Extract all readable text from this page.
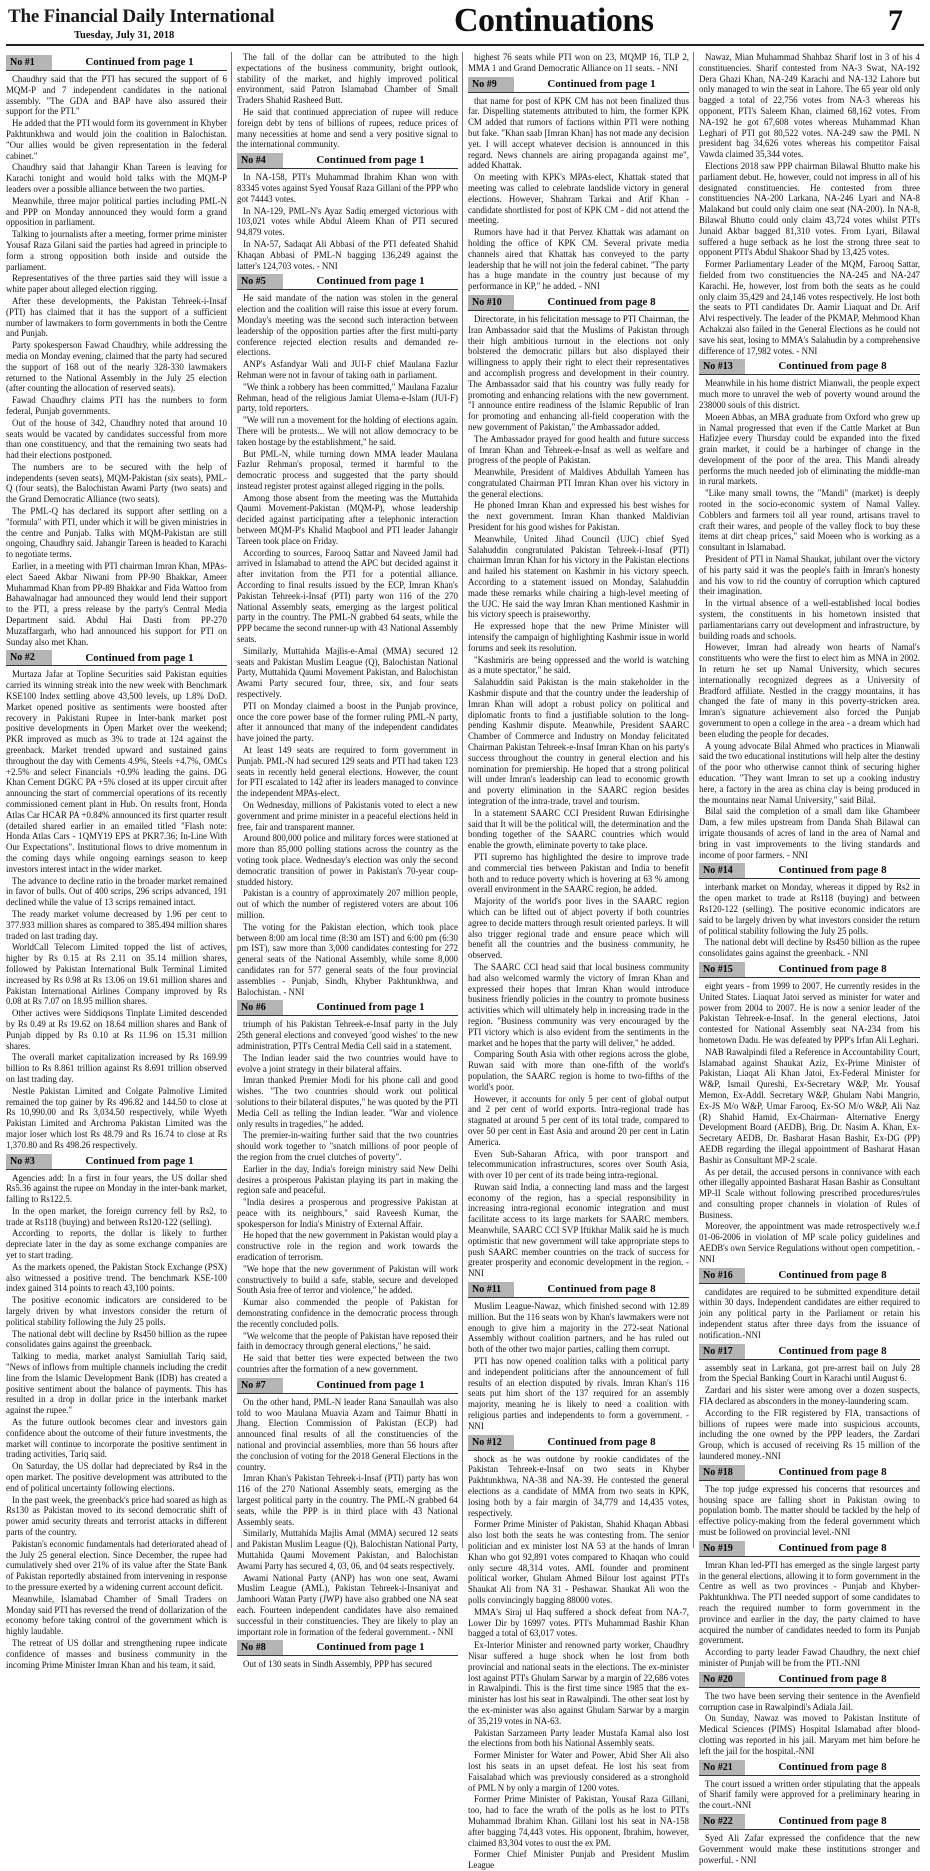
The Financial Daily International
Tuesday, July 31, 2018	Continuations	7
No #1	Continued from page 1

Chaudhry said that the PTI has secured the support of 6 MQM-P and 7 independent candidates in the national assembly. "The GDA and BAP have also assured their support for the PTI."

He added that the PTI would form its government in Khyber Pakhtunkhwa and would join the coalition in Balochistan. "Our allies would be given representation in the federal cabinet."

Chaudhry said that Jahangir Khan Tareen is leaving for Karachi tonight and would hold talks with the MQM-P leaders over a possible alliance between the two parties.

Meanwhile, three major political parties including PML-N and PPP on Monday announced they would form a grand opposition in parliament.

Talking to journalists after a meeting, former prime minister Yousaf Raza Gilani said the parties had agreed in principle to form a strong opposition both inside and outside the parliament.

Representatives of the three parties said they will issue a white paper about alleged election rigging.

After these developments, the Pakistan Tehreek-i-Insaf (PTI) has claimed that it has the support of a sufficient number of lawmakers to form governments in both the Centre and Punjab.

Party spokesperson Fawad Chaudhry, while addressing the media on Monday evening, claimed that the party had secured the support of 168 out of the nearly 328-330 lawmakers returned to the National Assembly in the July 25 election (after counting the allocation of reserved seats).

Fawad Chaudhry claims PTI has the numbers to form federal, Punjab governments.

Out of the house of 342, Chaudhry noted that around 10 seats would be vacated by candidates successful from more than one constituency, and that the remaining two seats had had their elections postponed.

The numbers are to be secured with the help of independents (seven seats), MQM-Pakistan (six seats), PML-Q (four seats), the Balochistan Awami Party (two seats) and the Grand Democratic Alliance (two seats).

The PML-Q has declared its support after settling on a "formula" with PTI, under which it will be given ministries in the centre and Punjab. Talks with MQM-Pakistan are still ongoing, Chaudhry said. Jahangir Tareen is headed to Karachi to negotiate terms.

Earlier, in a meeting with PTI chairman Imran Khan, MPAs-elect Saeed Akbar Niwani from PP-90 Bhakkar, Ameer Muhammad Khan from PP-89 Bhakkar and Fida Wattoo from Bahawalnagar had announced they would lend their support to the PTI, a press release by the party's Central Media Department said. Abdul Hai Dasti from PP-270 Muzaffargarh, who had announced his support for PTI on Sunday also met Khan.

No #2	Continued from page 1

Murtaza Jafar at Topline Securities said Pakistan equities carried its winning streak into the new week with Benchmark KSE100 Index settling above 43,500 levels, up 1.8% DoD. Market opened positive as sentiments were boosted after recovery in Pakistani Rupee in Inter-bank market post positive developments in Open Market over the weekend; PKR improved as much as 3% to trade at 124 against the greenback. Market trended upward and sustained gains throughout the day with Cements 4.9%, Steels +4.7%, OMCs +2.5% and select Financials +0.9% leading the gains. DG Khan Cement DGKC PA +5% closed at its upper circuit after announcing the start of commercial operations of its recently commissioned cement plant in Hub. On results front, Honda Atlas Car HCAR PA +0.84% announced its first quarter result (detailed shared earlier in an emailed titled "Flash note: Honda Atlas Cars - 1QMY19 EPS at PKR7.36; In-Line With Our Expectations". Institutional flows to drive momentum in the coming days while ongoing earnings season to keep investors interest intact in the wider market.

The advance to decline ratio in the broader market remained in favor of bulls. Out of 400 scrips, 296 scrips advanced, 191 declined while the value of 13 scrips remained intact.

The ready market volume decreased by 1.96 per cent to 377.933 million shares as compared to 385.494 million shares traded on last trading day.

WorldCall Telecom Limited topped the list of actives, higher by Rs 0.15 at Rs 2.11 on 35.14 million shares, followed by Pakistan International Bulk Terminal Limited increased by Rs 0.98 at Rs 13.06 on 19.61 million shares and Pakistan International Airlines Company improved by Rs 0.08 at Rs 7.07 on 18.95 million shares.

Other actives were Siddiqsons Tinplate Limited descended by Rs 0.49 at Rs 19.62 on 18.64 million shares and Bank of Punjab dipped by Rs 0.10 at Rs 11.96 on 15.31 million shares.

The overall market capitalization increased by Rs 169.99 billion to Rs 8.861 trillion against Rs 8.691 trillion observed on last trading day.

Nestle Pakistan Limited and Colgate Palmolive Limited remained the top gainer by Rs 496.82 and 144.50 to close at Rs 10,990.00 and Rs 3,034.50 respectively, while Wyeth Pakistan Limited and Archroma Pakistan Limited was the major loser which lost Rs 48.79 and Rs 16.74 to close at Rs 1,370.80 and Rs 498.26 respectively.

No #3	Continued from page 1

Agencies add: In a first in four years, the US dollar shed Rs5.36 against the rupee on Monday in the inter-bank market, falling to Rs122.5.

In the open market, the foreign currency fell by Rs2, to trade at Rs118 (buying) and between Rs120-122 (selling).

According to reports, the dollar is likely to further depreciate later in the day as some exchange companies are yet to start trading.

As the markets opened, the Pakistan Stock Exchange (PSX) also witnessed a positive trend. The benchmark KSE-100 index gained 314 points to reach 43,100 points.

The positive economic indicators are considered to be largely driven by what investors consider the return of political stability following the July 25 polls.

The national debt will decline by Rs450 billion as the rupee consolidates gains against the greenback.

Talking to media, market analyst Samiullah Tariq said, "News of inflows from multiple channels including the credit line from the Islamic Development Bank (IDB) has created a positive sentiment about the balance of payments. This has resulted in a drop in dollar price in the interbank market against the rupee."

As the future outlook becomes clear and investors gain confidence about the outcome of their future investments, the market will continue to incorporate the positive sentiment in trading activities, Tariq said.

On Saturday, the US dollar had depreciated by Rs4 in the open market. The positive development was attributed to the end of political uncertainty following elections.

In the past week, the greenback's price had soared as high as Rs130 as Pakistan moved to its second democratic shift of power amid security threats and terrorist attacks in different parts of the country.

Pakistan's economic fundamentals had deteriorated ahead of the July 25 general election. Since December, the rupee had cumulatively shed over 21% of its value after the State Bank of Pakistan reportedly abstained from intervening in response to the pressure exerted by a widening current account deficit.

Meanwhile, Islamabad Chamber of Small Traders on Monday said PTI has reversed the trend of dollarization of the economy before taking control of the government which is highly laudable.

The retreat of US dollar and strengthening rupee indicate confidence of masses and business community in the incoming Prime Minister Imran Khan and his team, it said.

The fall of the dollar can be attributed to the high expectations of the business community, bright outlook, stability of the market, and highly improved political environment, said Patron Islamabad Chamber of Small Traders Shahid Rasheed Butt.

He said that continued appreciation of rupee will reduce foreign debt by tens of billions of rupees, reduce prices of many necessities at home and send a very positive signal to the international community.

No #4	Continued from page 1

In NA-158, PTI's Muhammad Ibrahim Khan won with 83345 votes against Syed Yousaf Raza Gillani of the PPP who got 74443 votes.

In NA-129, PML-N's Ayaz Sadiq emerged victorious with 103,021 votes while Abdul Aleem Khan of PTI secured 94,879 votes.

In NA-57, Sadaqat Ali Abbasi of the PTI defeated Shahid Khaqan Abbasi of PML-N bagging 136,249 against the latter's 124,703 votes. - NNI

No #5	Continued from page 1

He said mandate of the nation was stolen in the general election and the coalition will raise this issue at every forum. Monday's meeting was the second such interaction between leadership of the opposition parties after the first multi-party conference rejected election results and demanded re-elections.

ANP's Asfandyar Wali and JUI-F chief Maulana Fazlur Rehman were not in favour of taking oath in parliament.

"We think a robbery has been committed," Maulana Fazalur Rehman, head of the religious Jamiat Ulema-e-Islam (JUI-F) party, told reporters.

"We will run a movement for the holding of elections again. There will be protests... We will not allow democracy to be taken hostage by the establishment," he said.

But PML-N, while turning down MMA leader Maulana Fazlur Rehman's proposal, termed it harmful to the democratic process and suggested that the party should instead register protest against alleged rigging in the polls.

Among those absent from the meeting was the Muttahida Qaumi Movement-Pakistan (MQM-P), whose leadership decided against participating after a telephonic interaction between MQM-P's Khalid Maqbool and PTI leader Jahangir Tareen took place on Friday.

According to sources, Farooq Sattar and Naveed Jamil had arrived in Islamabad to attend the APC but decided against it after invitation from the PTI for a potential alliance. According to final results issued by the ECP, Imran Khan's Pakistan Tehreek-i-Insaf (PTI) party won 116 of the 270 National Assembly seats, emerging as the largest political party in the country. The PML-N grabbed 64 seats, while the PPP became the second runner-up with 43 National Assembly seats.

Similarly, Muttahida Majlis-e-Amal (MMA) secured 12 seats and Pakistan Muslim League (Q), Balochistan National Party, Muttahida Qaumi Movement Pakistan, and Balochistan Awami Party secured four, three, six, and four seats respectively.

PTI on Monday claimed a boost in the Punjab province, once the core power base of the former ruling PML-N party, after it announced that many of the independent candidates have joined the party.

At least 149 seats are required to form government in Punjab. PML-N had secured 129 seats and PTI had taken 123 seats in recently held general elections. However, the count for PTI escalated to 142 after its leaders managed to convince the independent MPAs-elect.

On Wednesday, millions of Pakistanis voted to elect a new government and prime minister in a peaceful elections held in free, fair and transparent manner.

Around 800,000 police and military forces were stationed at more than 85,000 polling stations across the country as the voting took place. Wednesday's election was only the second democratic transition of power in Pakistan's 70-year coup-studded history.

Pakistan is a country of approximately 207 million people, out of which the number of registered voters are about 106 million.

The voting for the Pakistan election, which took place between 8:00 am local time (8:30 am IST) and 6:00 pm (6:30 pm IST), saw more than 3,000 candidates contesting for 272 general seats of the National Assembly, while some 8,000 candidates ran for 577 general seats of the four provincial assemblies - Punjab, Sindh, Khyber Pakhtunkhwa, and Balochistan. - NNI

No #6	Continued from page 1

triumph of his Pakistan Tehreek-e-Insaf party in the July 25th general elections and conveyed 'good wishes' to the new administration, PTI's Central Media Cell said in a statement.

The Indian leader said the two countries would have to evolve a joint strategy in their bilateral affairs.

Imran thanked Premier Modi for his phone call and good wishes. "The two countries should work out political solutions to their bilateral disputes," he was quoted by the PTI Media Cell as telling the Indian leader. "War and violence only results in tragedies," he added.

The premier-in-waiting further said that the two countries should work together to "snatch millions of poor people of the region from the cruel clutches of poverty".

Earlier in the day, India's foreign ministry said New Delhi desires a prosperous Pakistan playing its part in making the region safe and peaceful.

"India desires a prosperous and progressive Pakistan at peace with its neighbours," said Raveesh Kumar, the spokesperson for India's Ministry of External Affair.

He hoped that the new government in Pakistan would play a constructive role in the region and work towards the eradication of terrorism.

"We hope that the new government of Pakistan will work constructively to build a safe, stable, secure and developed South Asia free of terror and violence," he added.

Kumar also commended the people of Pakistan for demonstrating confidence in the democratic process through the recently concluded polls.

"We welcome that the people of Pakistan have reposed their faith in democracy through general elections," he said.

He said that better ties were expected between the two countries after the formation of a new government.

No #7	Continued from page 1

On the other hand, PML-N leader Rana Sanaullah was also told to woo Maulana Muavia Azam and Taimur Bhatti in Jhang. Election Commission of Pakistan (ECP) had announced final results of all the constituencies of the national and provincial assemblies, more than 56 hours after the conclusion of voting for the 2018 General Elections in the country.

Imran Khan's Pakistan Tehreek-i-Insaf (PTI) party has won 116 of the 270 National Assembly seats, emerging as the largest political party in the country. The PML-N grabbed 64 seats, while the PPP is in third place with 43 National Assembly seats.

Similarly, Muttahida Majlis Amal (MMA) secured 12 seats and Pakistan Muslim League (Q), Balochistan National Party, Muttahida Qaumi Movement Pakistan, and Balochistan Awami Party has secured 4, 03, 06, and 04 seats respectively.

Awami National Party (ANP) has won one seat, Awami Muslim League (AML), Pakistan Tehreek-i-Insaniyat and Jamhoori Watan Party (JWP) have also grabbed one NA seat each. Fourteen independent candidates have also remained successful in their constituencies. They are likely to play an important role in formation of the federal government. - NNI

No #8	Continued from page 1

Out of 130 seats in Sindh Assembly, PPP has secured

highest 76 seats while PTI won on 23, MQMP 16, TLP 2, MMA 1 and Grand Democratic Alliance on 11 seats. - NNI

No #9	Continued from page 1

that name for post of KPK CM has not been finalized thus far. Dispelling statements attributed to him, the former KPK CM added that rumors of factions within PTI were nothing but fake. "Khan saab [Imran Khan] has not made any decision yet. I will accept whatever decision is announced in this regard. News channels are airing propaganda against me", added Khattak.

On meeting with KPK's MPAs-elect, Khattak stated that meeting was called to celebrate landslide victory in general elections. However, Shahram Tarkai and Atif Khan - candidate shortlisted for post of KPK CM - did not attend the meeting.

Rumors have had it that Pervez Khattak was adamant on holding the office of KPK CM. Several private media channels aired that Khattak has conveyed to the party leadership that he will not join the federal cabinet. "The party has a huge mandate in the country just because of my performance in KP," he added. - NNI

No #10	Continued from page 8

Directorate, in his felicitation message to PTI Chairman, the Iran Ambassador said that the Muslims of Pakistan through their high ambitious turnout in the elections not only bolstered the democratic pillars but also displayed their willingness to apply their right to elect their representatives and accomplish progress and development in their country. The Ambassador said that his country was fully ready for promoting and enhancing relations with the new government. "I announce entire readiness of the Islamic Republic of Iran for promoting and enhancing all-field cooperation with the new government of Pakistan," the Ambassador added.

The Ambassador prayed for good health and future success of Imran Khan and Tehreek-e-Insaf as well as welfare and progress of the people of Pakistan.

Meanwhile, President of Maldives Abdullah Yameen has congratulated Chairman PTI Imran Khan over his victory in the general elections.

He phoned Imran Khan and expressed his best wishes for the next government. Imran Khan thanked Maldivian President for his good wishes for Pakistan.

Meanwhile, United Jihad Council (UJC) chief Syed Salahuddin congratulated Pakistan Tehreek-i-Insaf (PTI) chairman Imran Khan for his victory in the Pakistan elections and hailed his statement on Kashmir in his victory speech. According to a statement issued on Monday, Salahuddin made these remarks while chairing a high-level meeting of the UJC. He said the way Imran Khan mentioned Kashmir in his victory speech is praiseworthy.

He expressed hope that the new Prime Minister will intensify the campaign of highlighting Kashmir issue in world forums and seek its resolution.

"Kashmiris are being oppressed and the world is watching as a mute spectator," he said.

Salahuddin said Pakistan is the main stakeholder in the Kashmir dispute and that the country under the leadership of Imran Khan will adopt a robust policy on political and diplomatic fronts to find a justifiable solution to the long-pending Kashmir dispute. Meanwhile, President SAARC Chamber of Commerce and Industry on Monday felicitated Chairman Pakistan Tehreek-e-Insaf Imran Khan on his party's success throughout the country in general election and his nomination for premiership. He hoped that a strong political will under Imran's leadership can lead to economic growth and poverty elimination in the SAARC region besides integration of the intra-trade, travel and tourism.

In a statement SAARC CCI President Ruwan Edirisinghe said that It will be the political will, the determination and the bonding together of the SAARC countries which would enable the growth, eliminate poverty to take place.

PTI supremo has highlighted the desire to improve trade and commercial ties between Pakistan and India to benefit both and to reduce poverty which is hovering at 63 % among overall environment in the SAARC region, he added.

Majority of the world's poor lives in the SAARC region which can be lifted out of abject poverty if both countries agree to decide matters through result oriented parleys. It will also trigger regional trade and ensure peace which will benefit all the countries and the business community, he observed.

The SAARC CCI head said that local business community had also welcomed warmly the victory of Imran Khan and expressed their hopes that Imran Khan would introduce business friendly policies in the country to promote business activities which will ultimately help in increasing trade in the region. "Business community was very encouraged by the PTI victory which is also evident from the sentiments in the market and he hopes that the party will deliver," he added.

Comparing South Asia with other regions across the globe, Ruwan said with more than one-fifth of the world's population, the SAARC region is home to two-fifths of the world's poor.

However, it accounts for only 5 per cent of global output and 2 per cent of world exports. Intra-regional trade has stagnated at around 5 per cent of its total trade, compared to over 50 per cent in East Asia and around 20 per cent in Latin America.

Even Sub-Saharan Africa, with poor transport and telecommunication infrastructures, scores over South Asia, with over 10 per cent of its trade being intra-regional.

Ruwan said India, a connecting land mass and the largest economy of the region, has a special responsibility in increasing intra-regional economic integration and must facilitate access to its large markets for SAARC members. Meanwhile, SAARC CCI SVP Iftikhar Malik said he is much optimistic that new government will take appropriate steps to push SAARC member countries on the track of success for greater prosperity and economic development in the region. - NNI

No #11	Continued from page 8

Muslim League-Nawaz, which finished second with 12.89 million. But the 116 seats won by Khan's lawmakers were not enough to give him a majority in the 272-seat National Assembly without coalition partners, and he has ruled out both of the other two major parties, calling them corrupt.

PTI has now opened coalition talks with a political party and independent politicians after the announcement of full results of an election disputed by rivals. Imran Khan's 116 seats put him short of the 137 required for an assembly majority, meaning he is likely to need a coalition with religious parties and independents to form a government. - NNI

No #12	Continued from page 8

shock as he was outdone by rookie candidates of the Pakistan Tehreek-e-Insaf on two seats in Khyber Pakhtunkhwa, NA-38 and NA-39. He contested the general elections as a candidate of MMA from two seats in KPK, losing both by a fair margin of 34,779 and 14,435 votes, respectively.

Former Prime Minister of Pakistan, Shahid Khaqan Abbasi also lost both the seats he was contesting from. The senior politician and ex minister lost NA 53 at the hands of Imran Khan who got 92,891 votes compared to Khaqan who could only secure 48,314 votes. AML founder and prominent political worker, Ghulam Ahmed Bilour lost against PTI's Shaukat Ali from NA 31 - Peshawar. Shaukat Ali won the polls convincingly bagging 88000 votes.

MMA's Siraj ul Haq suffered a shock defeat from NA-7, Lower Dir by 16997 votes. PTI's Muhammad Bashir Khan bagged a total of 63,017 votes.

Ex-Interior Minister and renowned party worker, Chaudhry Nisar suffered a huge shock when he lost from both provincial and national seats in the elections. The ex-minister lost against PTI's Ghulam Sarwar by a margin of 22,686 votes in Rawalpindi. This is the first time since 1985 that the ex-minister has lost his seat in Rawalpindi. The other seat lost by the ex-minister was also against Ghulam Sarwar by a margin of 35,219 votes in NA-63.

Pakistan Sarzameen Party leader Mustafa Kamal also lost the elections from both his National Assembly seats.

Former Minister for Water and Power, Abid Sher Ali also lost his seats in an upset defeat. He lost his seat from Faisalabad which was previously considered as a stronghold of PML N by only a margin of 1200 votes.

Former Prime Minister of Pakistan, Yousaf Raza Gillani, too, had to face the wrath of the polls as he lost to PTI's Muhammad Ibrahim Khan. Gillani lost his seat in NA-158 after bagging 74,443 votes. His opponent, Ibrahim, however, claimed 83,304 votes to oust the ex PM.

Former Chief Minister Punjab and President Muslim League

Nawaz, Mian Muhammad Shahbaz Sharif lost in 3 of his 4 constituencies. Sharif contested from NA-3 Swat, NA-192 Dera Ghazi Khan, NA-249 Karachi and NA-132 Lahore but only managed to win the seat in Lahore. The 65 year old only bagged a total of 22,756 votes from NA-3 whereas his opponent, PTI's Saleem Khan, claimed 68,162 votes. From NA-192 he got 67,608 votes whereas Muhammad Khan Leghari of PTI got 80,522 votes. NA-249 saw the PML N president bag 34,626 votes whereas his competitor Faisal Vawda claimed 35,344 votes.

Elections 2018 saw PPP chairman Bilawal Bhutto make his parliament debut. He, however, could not impress in all of his designated constituencies. He contested from three constituencies NA-200 Larkana, NA-246 Lyari and NA-8 Malakand but could only claim one seat (NA-200). In NA-8, Bilawal Bhutto could only claim 43,724 votes whilst PTI's Junaid Akbar bagged 81,310 votes. From Lyari, Bilawal suffered a huge setback as he lost the strong three seat to opponent PTI's Abdul Shakoor Shad by 13,425 votes.

Former Parliamentary Leader of the MQM, Farooq Sattar, fielded from two constituencies the NA-245 and NA-247 Karachi. He, however, lost from both the seats as he could only claim 35,429 and 24,146 votes respectively. He lost both the seats to PTI candidates Dr. Aamir Liaquat and Dr. Arif Alvi respectively. The leader of the PKMAP, Mehmood Khan Achakzai also failed in the General Elections as he could not save his seat, losing to MMA's Salahudin by a comprehensive difference of 17,982 votes. - NNI

No #13	Continued from page 8

Meanwhile in his home district Mianwali, the people expect much more to unravel the web of poverty wound around the 238000 souls of this district.

Moeen Abbas, an MBA graduate from Oxford who grew up in Namal progressed that even if the Cattle Market at Bun Hafizjee every Thursday could be expanded into the fixed grain market, it could be a harbinger of change in the development of the poor of the area. This Mandi already performs the much needed job of eliminating the middle-man in rural markets.

"Like many small towns, the "Mandi" (market) is deeply rooted in the socio-economic system of Namal Valley. Cobblers and farmers toil all year round, artisans travel to craft their wares, and people of the valley flock to buy these items at dirt cheap prices," said Moeen who is working as a consultant in Islamabad.

President of PTI in Namal Shaukat, jubilant over the victory of his party said it was the people's faith in Imran's honesty and his vow to rid the country of corruption which captured their imagination.

In the virtual absence of a well-established local bodies system, the constituents in his hometown insisted that parliamentarians carry out development and infrastructure, by building roads and schools.

However, Imran had already won hearts of Namal's constituents who were the first to elect him as MNA in 2002. In return he set up Namal University, which secures internationally recognized degrees as a University of Bradford affiliate. Nestled in the craggy mountains, it has changed the fate of many in this poverty-stricken area. Imran's signature achievement also forced the Punjab government to open a college in the area - a dream which had been eluding the people for decades.

A young advocate Bilal Ahmed who practices in Mianwali said the two educational institutions will help alter the destiny of the poor who otherwise cannot think of securing higher education. "They want Imran to set up a cooking industry here, a factory in the area as china clay is being produced in the mountains near Namal University," said Bilal.

Bilal said the completion of a small dam like Ghambeer Dam, a few miles upstream from Danda Shah Bilawal can irrigate thousands of acres of land in the area of Namal and bring in vast improvements to the living standards and income of poor farmers. - NNI

No #14	Continued from page 8

interbank market on Monday, whereas it dipped by Rs2 in the open market to trade at Rs118 (buying) and between Rs120-122 (selling). The positive economic indicators are said to be largely driven by what investors consider the return of political stability following the July 25 polls.

The national debt will decline by Rs450 billion as the rupee consolidates gains against the greenback. - NNI

No #15	Continued from page 8

eight years - from 1999 to 2007. He currently resides in the United States. Liaquat Jatoi served as minister for water and power from 2004 to 2007. He is now a senior leader of the Pakistan Tehreek-e-Insaf. In the general elections, Jatoi contested for National Assembly seat NA-234 from his hometown Dadu. He was defeated by PPP's Irfan Ali Leghari.

NAB Rawalpindi filed a Reference in Accountability Court, Islamabad against Shaukat Aziz, Ex-Prime Minister of Pakistan, Liaqat Ali Khan Jatoi, Ex-Federal Minister for W&P, Ismail Qureshi, Ex-Secretary W&P, Mr. Yousaf Memon, Ex-Addl. Secretary W&P, Ghulam Nabi Mangrio, Ex-JS M/o W&P, Umar Farooq, Ex-SO M/o W&P, Ali Naz (R) Shahid Hamid, Ex-Chairman- Alternative Energy Development Board (AEDB), Brig. Dr. Nasim A. Khan, Ex-Secretary AEDB, Dr. Basharat Hasan Bashir, Ex-DG (PP) AEDB regarding the illegal appointment of Basharat Hasan Bashir as Consultant MP-2 scale.

As per detail, the accused persons in connivance with each other illegally appointed Basharat Hasan Bashir as Consultant MP-II Scale without following prescribed procedures/rules and consulting proper channels in violation of Rules of Business.

Moreover, the appointment was made retrospectively w.e.f 01-06-2006 in violation of MP scale policy guidelines and AEDB's own Service Regulations without open competition. - NNI

No #16	Continued from page 8

candidates are required to be submitted expenditure detail within 30 days. Independent candidates are either required to join any political party in the Parliament or retain his independent status after three days from the issuance of notification.-NNI

No #17	Continued from page 8

assembly seat in Larkana, got pre-arrest bail on July 28 from the Special Banking Court in Karachi until August 6.

Zardari and his sister were among over a dozen suspects, FIA declared as absconders in the money-laundering scam.

According to the FIR registered by FIA, transactions of billions of rupees were made into suspicious accounts, including the one owned by the PPP leaders, the Zardari Group, which is accused of receiving Rs 15 million of the laundered money.-NNI

No #18	Continued from page 8

The top judge expressed his concerns that resources and housing space are falling short in Pakistan owing to population bomb. The matter should be tackled by the help of effective policy-making from the federal government which must be followed on provincial level.-NNI

No #19	Continued from page 8

Imran Khan led-PTI has emerged as the single largest party in the general elections, allowing it to form government in the Centre as well as two provinces - Punjab and Khyber-Pakhtunkhwa. The PTI needed support of some candidates to reach the required number to form government in the province and earlier in the day, the party claimed to have acquired the number of candidates needed to form its Punjab government.

According to party leader Fawad Chaudhry, the next chief minister of Punjab will be from the PTI.-NNI

No #20	Continued from page 8

The two have been serving their sentence in the Avenfield corruption case in Rawalpindi's Adiala Jail.

On Sunday, Nawaz was moved to Pakistan Institute of Medical Sciences (PIMS) Hospital Islamabad after blood-clotting was reported in his jail. Maryam met him before he left the jail for the hospital.-NNI

No #21	Continued from page 8

The court issued a written order stipulating that the appeals of Sharif family were approved for a preliminary hearing in the court.-NNI

No #22	Continued from page 8

Syed Ali Zafar expressed the confidence that the new Government would make these institutions stronger and powerful. - NNI
